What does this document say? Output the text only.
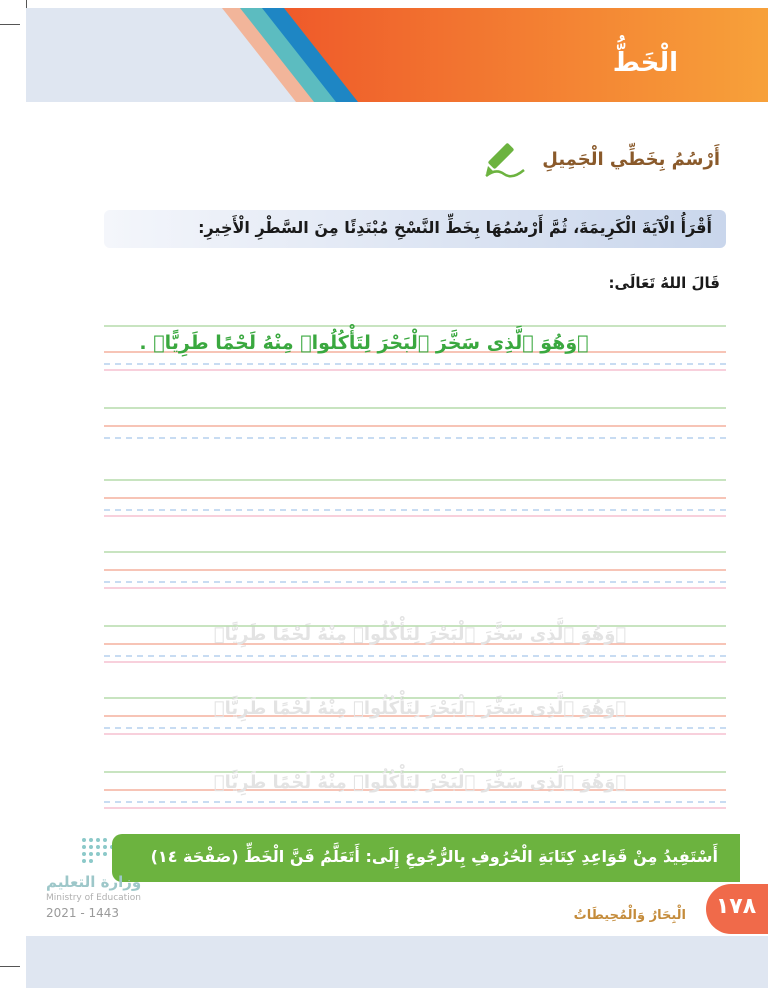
الْخَطُّ
أَرْسُمُ بِخَطِّي الْجَمِيلِ
أَقْرَأُ الْآيَةَ الْكَرِيمَةَ، ثُمَّ أَرْسُمُهَا بِخَطِّ النَّسْخِ مُبْتَدِئًا مِنَ السَّطْرِ الْأَخِيرِ:
قَالَ اللهُ تَعَالَى:
﴿وَهُوَ ٱلَّذِى سَخَّرَ ٱلْبَحْرَ لِتَأْكُلُوا۟ مِنْهُ لَحْمًا طَرِيًّا﴾ .
﴿وَهُوَ ٱلَّذِى سَخَّرَ ٱلْبَحْرَ لِتَأْكُلُوا۟ مِنْهُ لَحْمًا طَرِيًّا﴾
﴿وَهُوَ ٱلَّذِى سَخَّرَ ٱلْبَحْرَ لِتَأْكُلُوا۟ مِنْهُ لَحْمًا طَرِيًّا﴾
﴿وَهُوَ ٱلَّذِى سَخَّرَ ٱلْبَحْرَ لِتَأْكُلُوا۟ مِنْهُ لَحْمًا طَرِيًّا﴾
أَسْتَفِيدُ مِنْ قَوَاعِدِ كِتَابَةِ الْحُرُوفِ بِالرُّجُوعِ إِلَى: أَتَعَلَّمُ فَنَّ الْخَطِّ (صَفْحَة ١٤)
وزارة التعليم
Ministry of Education
2021 - 1443	الْبِحَارُ وَالْمُحِيطَاتُ	١٧٨
